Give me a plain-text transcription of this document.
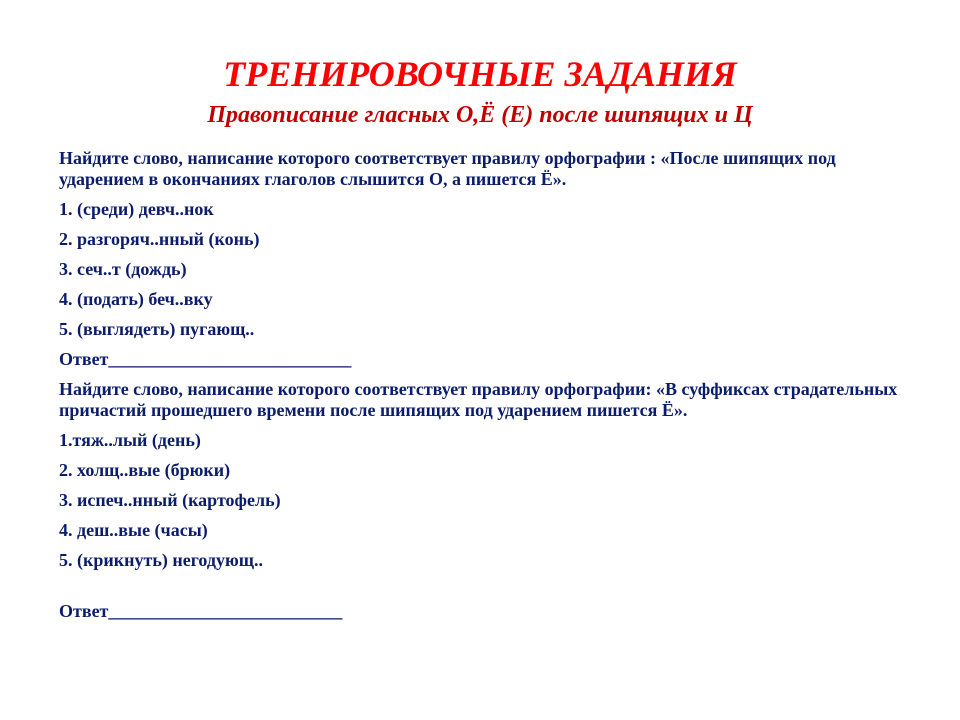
ТРЕНИРОВОЧНЫЕ ЗАДАНИЯ
Правописание гласных О,Ё (Е) после шипящих и Ц
Найдите слово, написание которого соответствует правилу орфографии : «После шипящих под ударением в окончаниях глаголов слышится О, а пишется Ё».
1. (среди) девч..нок
2. разгоряч..нный (конь)
3. сеч..т (дождь)
4. (подать) беч..вку
5. (выглядеть) пугающ..
Ответ___________________________
Найдите слово, написание которого соответствует правилу орфографии: «В суффиксах страдательных причастий прошедшего времени после шипящих под ударением пишется Ё».
1.тяж..лый (день)
2. холщ..вые (брюки)
3. испеч..нный (картофель)
4. деш..вые (часы)
5. (крикнуть) негодующ..
Ответ__________________________
